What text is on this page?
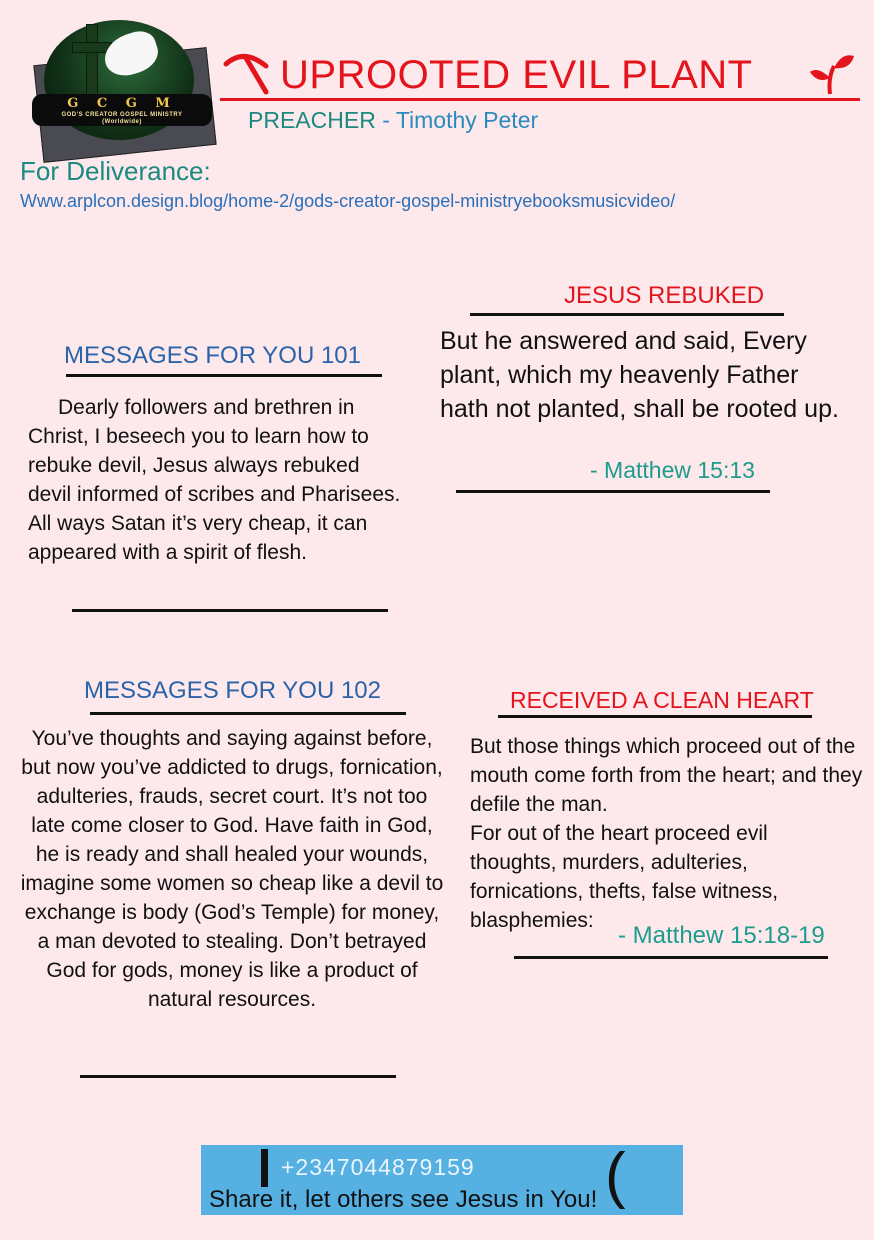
G C G M
GOD'S CREATOR GOSPEL MINISTRY
(Worldwide)
UPROOTED EVIL PLANT
PREACHER - Timothy Peter
For Deliverance:
Www.arplcon.design.blog/home-2/gods-creator-gospel-ministryebooksmusicvideo/
MESSAGES FOR YOU 101
Dearly followers and brethren in Christ, I beseech you to learn how to rebuke devil, Jesus always rebuked devil informed of scribes and Pharisees. All ways Satan it’s very cheap, it can appeared with a spirit of flesh.
JESUS REBUKED
But he answered and said, Every plant, which my heavenly Father hath not planted, shall be rooted up.
- Matthew 15:13
MESSAGES FOR YOU 102
You’ve thoughts and saying against before, but now you’ve addicted to drugs, fornication, adulteries, frauds, secret court. It’s not too late come closer to God. Have faith in God, he is ready and shall healed your wounds, imagine some women so cheap like a devil to exchange is body (God’s Temple) for money, a man devoted to stealing. Don’t betrayed God for gods, money is like a product of natural resources.
RECEIVED A CLEAN HEART
But those things which proceed out of the mouth come forth from the heart; and they defile the man.
For out of the heart proceed evil thoughts, murders, adulteries, fornications, thefts, false witness, blasphemies:
- Matthew 15:18-19
+2347044879159 (
Share it, let others see Jesus in You!
